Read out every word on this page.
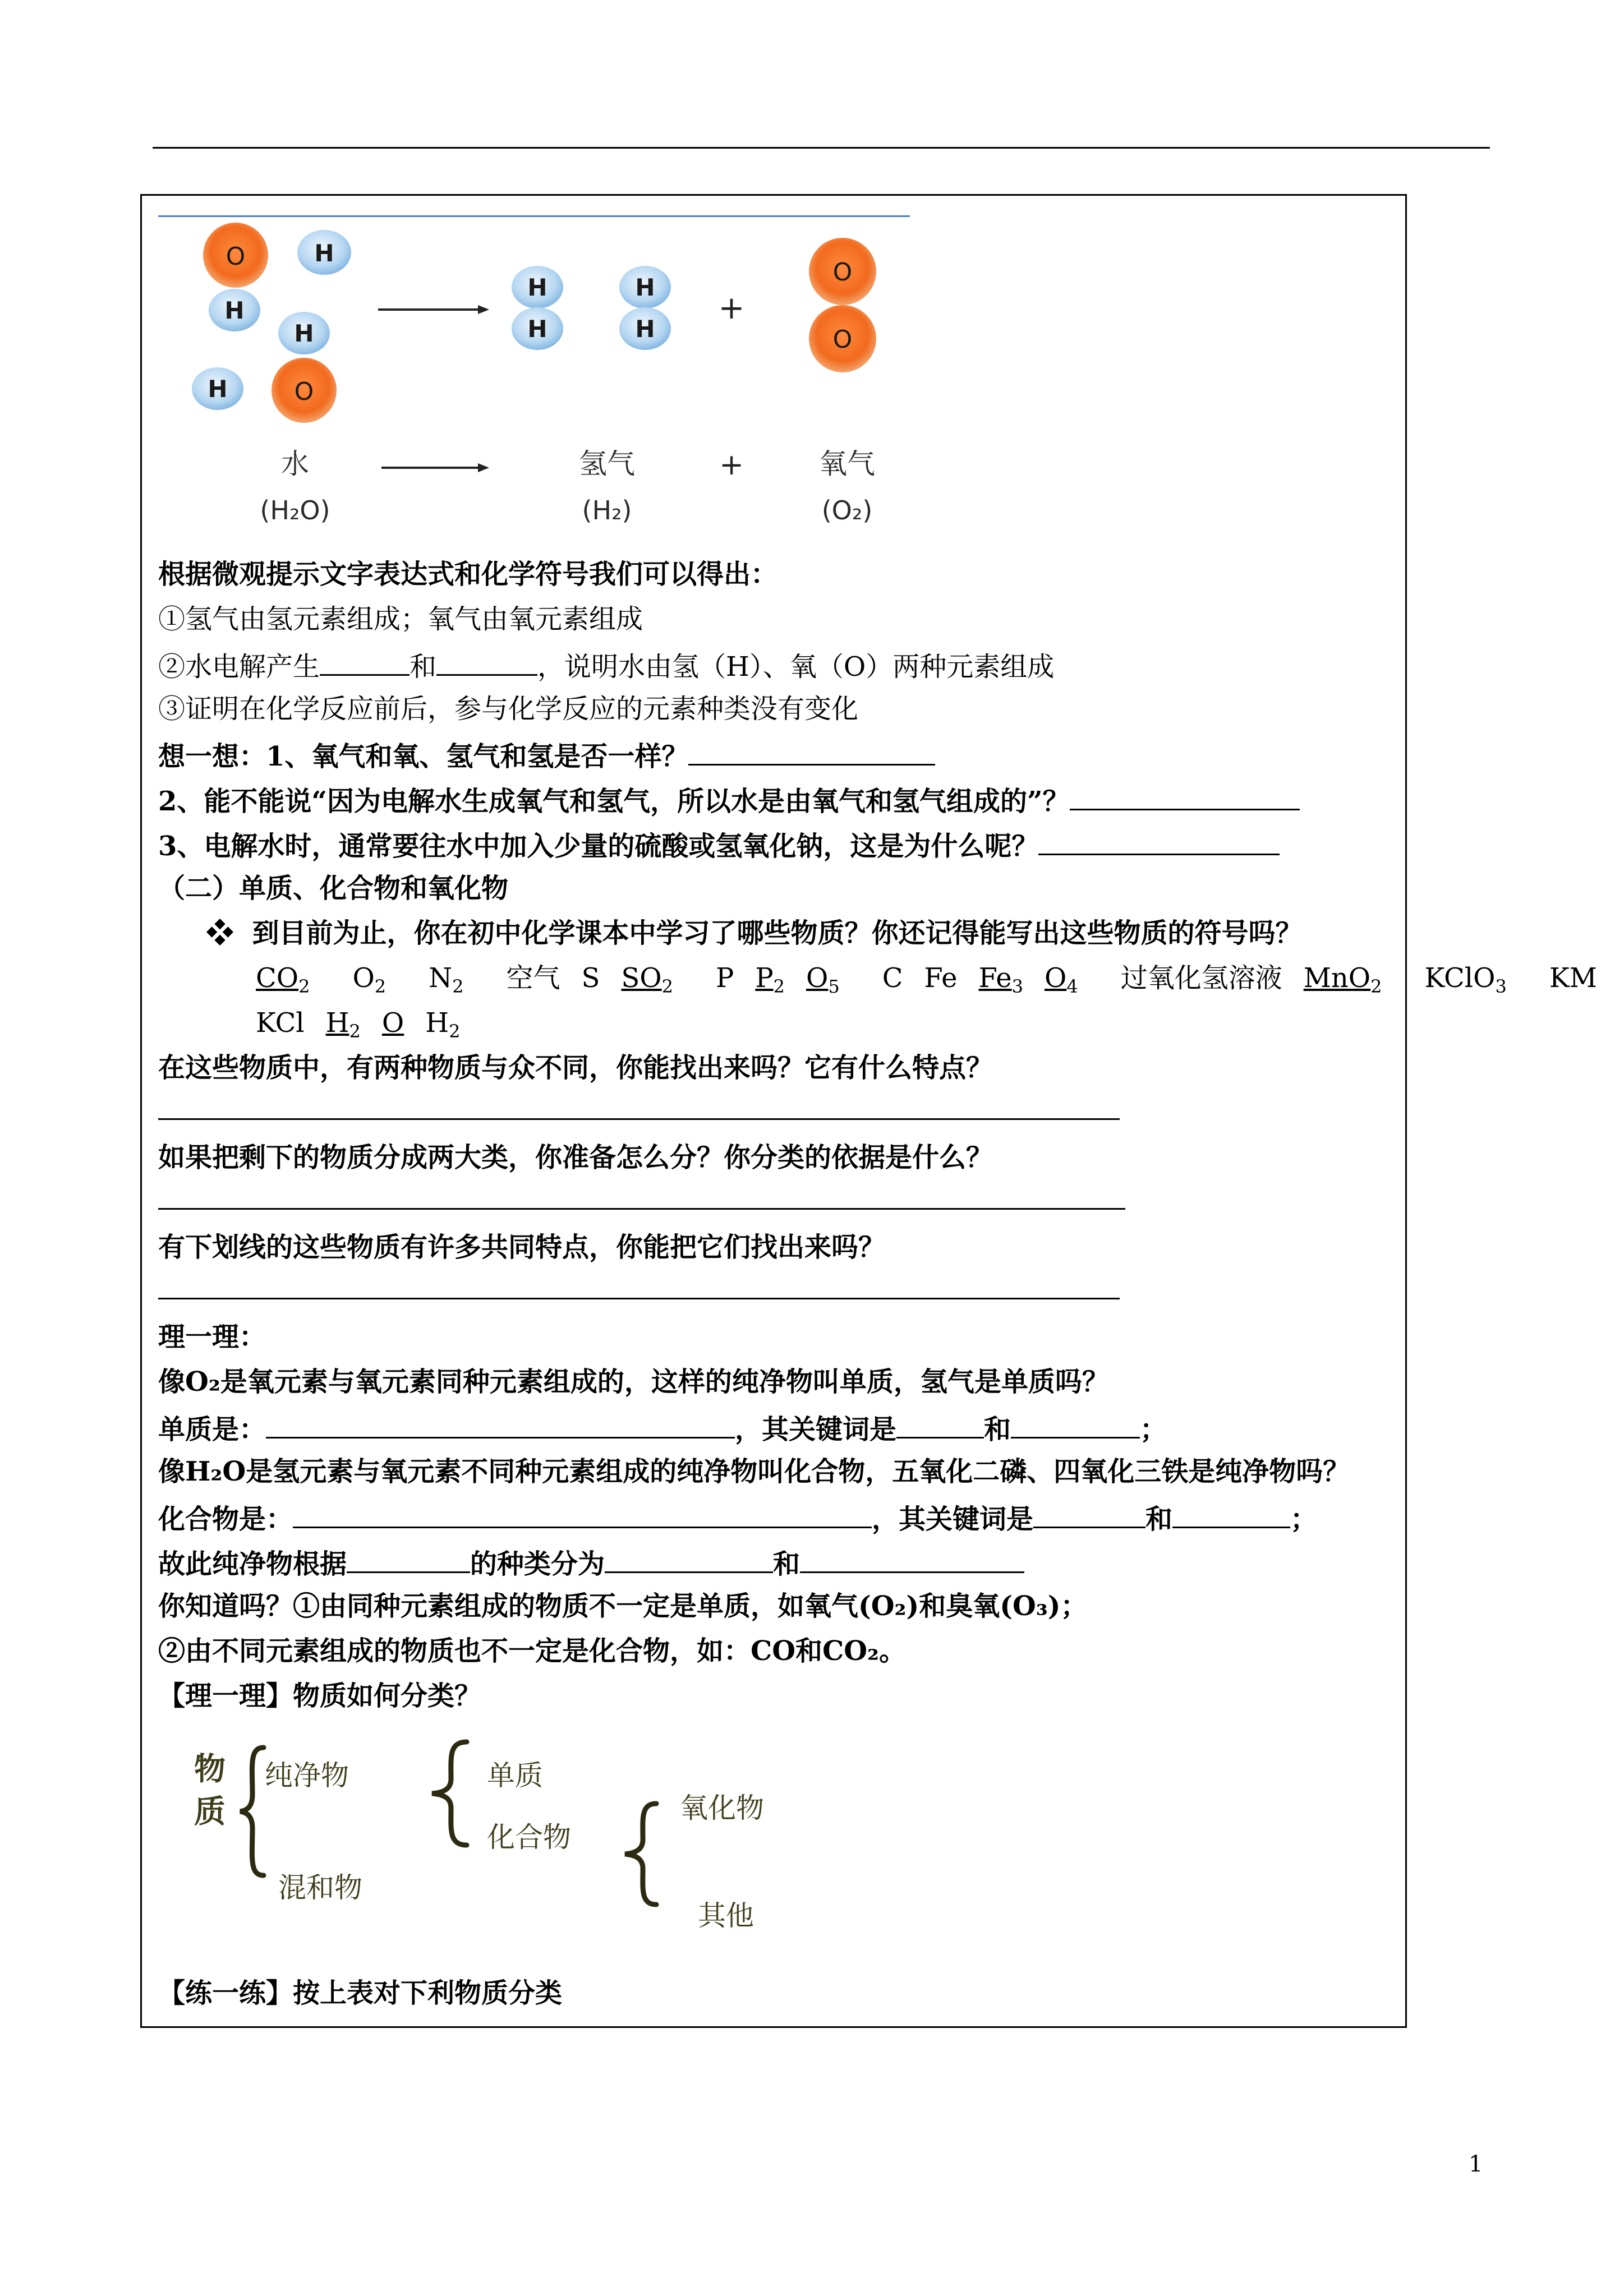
O	H
H
H
H	O
H
H
H
H
+
O
O
水
(H₂O)
氢气
(H₂)
+	氧气
(O₂)
根据微观提示文字表达式和化学符号我们可以得出：
①氢气由氢元素组成；氧气由氧元素组成
②水电解产生	和	，说明水由氢（H）、氧（O）两种元素组成
③证明在化学反应前后，参与化学反应的元素种类没有变化
想一想：1、氧气和氧、氢气和氢是否一样？
2、能不能说“因为电解水生成氧气和氢气，所以水是由氧气和氢气组成的”？
3、电解水时，通常要往水中加入少量的硫酸或氢氧化钠，这是为什么呢？
（二）单质、化合物和氧化物
❖ 到目前为止，你在初中化学课本中学习了哪些物质？你还记得能写出这些物质的符号吗？
CO2 O2 N2 空气 S SO2 P P2 O5 C Fe Fe3 O4 过氧化氢溶液 MnO2 KClO3 KM
KCl H2 O H2
在这些物质中，有两种物质与众不同，你能找出来吗？它有什么特点？
如果把剩下的物质分成两大类，你准备怎么分？你分类的依据是什么？
有下划线的这些物质有许多共同特点，你能把它们找出来吗？
理一理：
像O₂是氧元素与氧元素同种元素组成的，这样的纯净物叫单质，氢气是单质吗？
单质是：	，其关键词是	和	；
像H₂O是氢元素与氧元素不同种元素组成的纯净物叫化合物，五氧化二磷、四氧化三铁是纯净物吗？
化合物是：	，其关键词是	和	；
故此纯净物根据	的种类分为	和
你知道吗？①由同种元素组成的物质不一定是单质，如氧气(O₂)和臭氧(O₃)；
②由不同元素组成的物质也不一定是化合物，如：CO和CO₂。
【理一理】物质如何分类？
物质 纯净物
混和物
单质
化合物
氧化物
其他
【练一练】按上表对下利物质分类
1
